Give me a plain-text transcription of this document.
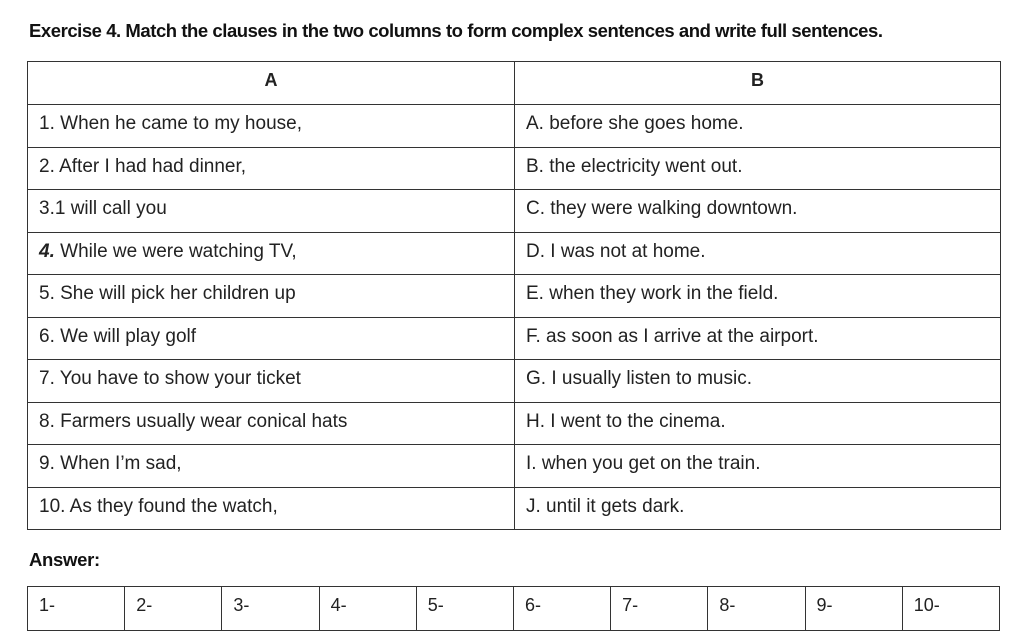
Exercise 4. Match the clauses in the two columns to form complex sentences and write full sentences.
A	B
1. When he came to my house,	A. before she goes home.
2. After I had had dinner,	B. the electricity went out.
3.1 will call you	C. they were walking downtown.
4. While we were watching TV,	D. I was not at home.
5. She will pick her children up	E. when they work in the field.
6. We will play golf	F. as soon as I arrive at the airport.
7. You have to show your ticket	G. I usually listen to music.
8. Farmers usually wear conical hats	H. I went to the cinema.
9. When I’m sad,	I. when you get on the train.
10. As they found the watch,	J. until it gets dark.
Answer:
1-	2-	3-	4-	5-	6-	7-	8-	9-	10-
